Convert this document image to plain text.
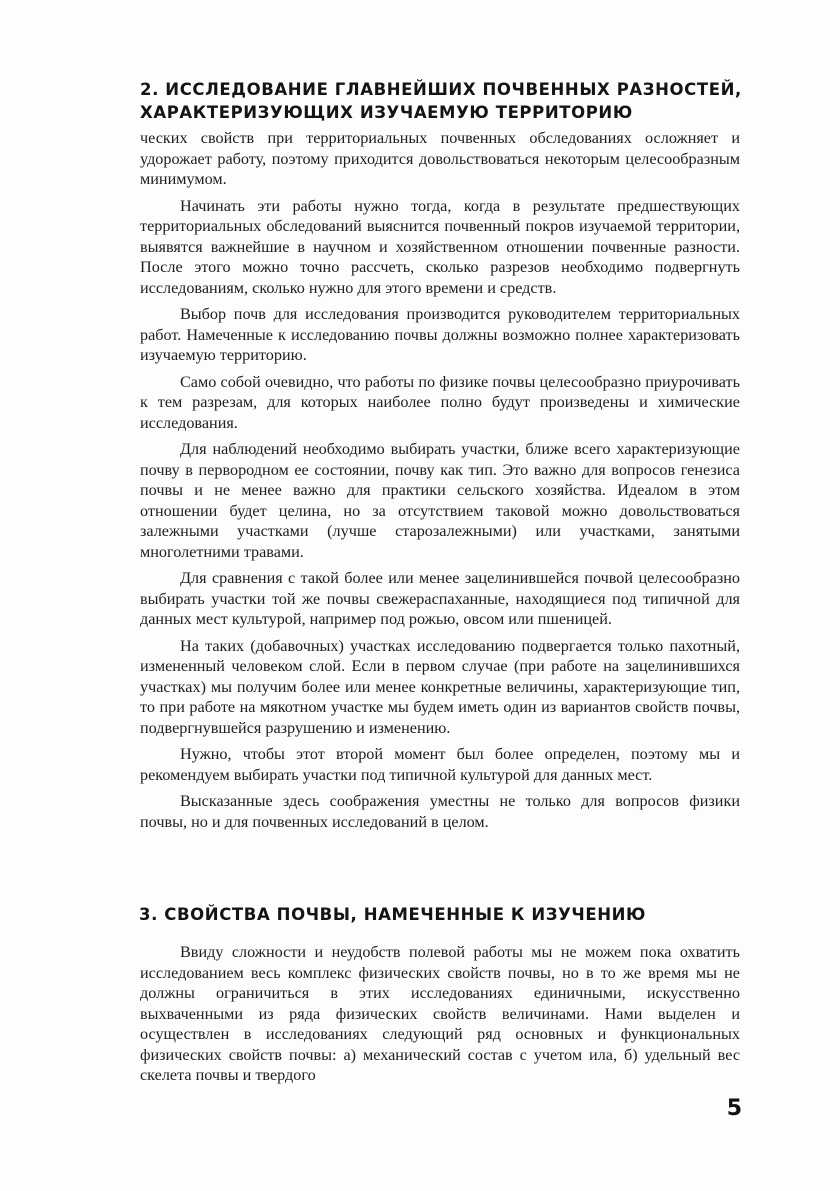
2. ИССЛЕДОВАНИЕ ГЛАВНЕЙШИХ ПОЧВЕННЫХ РАЗНОСТЕЙ,
ХАРАКТЕРИЗУЮЩИХ ИЗУЧАЕМУЮ ТЕРРИТОРИЮ

ческих свойств при территориальных почвенных обследованиях осложняет и удорожает работу, поэтому приходится довольствоваться некоторым целесообразным минимумом.

Начинать эти работы нужно тогда, когда в результате предшествующих территориальных обследований выяснится почвенный покров изучаемой территории, выявятся важнейшие в научном и хозяйственном отношении почвенные разности. После этого можно точно рассчеть, сколько разрезов необходимо подвергнуть исследованиям, сколько нужно для этого времени и средств.

Выбор почв для исследования производится руководителем территориальных работ. Намеченные к исследованию почвы должны возможно полнее характеризовать изучаемую территорию.

Само собой очевидно, что работы по физике почвы целесообразно приурочивать к тем разрезам, для которых наиболее полно будут произведены и химические исследования.

Для наблюдений необходимо выбирать участки, ближе всего характеризующие почву в первородном ее состоянии, почву как тип. Это важно для вопросов генезиса почвы и не менее важно для практики сельского хозяйства. Идеалом в этом отношении будет целина, но за отсутствием таковой можно довольствоваться залежными участками (лучше старозалежными) или участками, занятыми многолетними травами.

Для сравнения с такой более или менее зацелинившейся почвой целесообразно выбирать участки той же почвы свежераспаханные, находящиеся под типичной для данных мест культурой, например под рожью, овсом или пшеницей.

На таких (добавочных) участках исследованию подвергается только пахотный, измененный человеком слой. Если в первом случае (при работе на зацелинившихся участках) мы получим более или менее конкретные величины, характеризующие тип, то при работе на мякотном участке мы будем иметь один из вариантов свойств почвы, подвергнувшейся разрушению и изменению.

Нужно, чтобы этот второй момент был более определен, поэтому мы и рекомендуем выбирать участки под типичной культурой для данных мест.

Высказанные здесь соображения уместны не только для вопросов физики почвы, но и для почвенных исследований в целом.

3. СВОЙСТВА ПОЧВЫ, НАМЕЧЕННЫЕ К ИЗУЧЕНИЮ

Ввиду сложности и неудобств полевой работы мы не можем пока охватить исследованием весь комплекс физических свойств почвы, но в то же время мы не должны ограничиться в этих исследованиях единичными, искусственно выхваченными из ряда физических свойств величинами. Нами выделен и осуществлен в исследованиях следующий ряд основных и функциональных физических свойств почвы: а) механический состав с учетом ила, б) удельный вес скелета почвы и твердого

5
